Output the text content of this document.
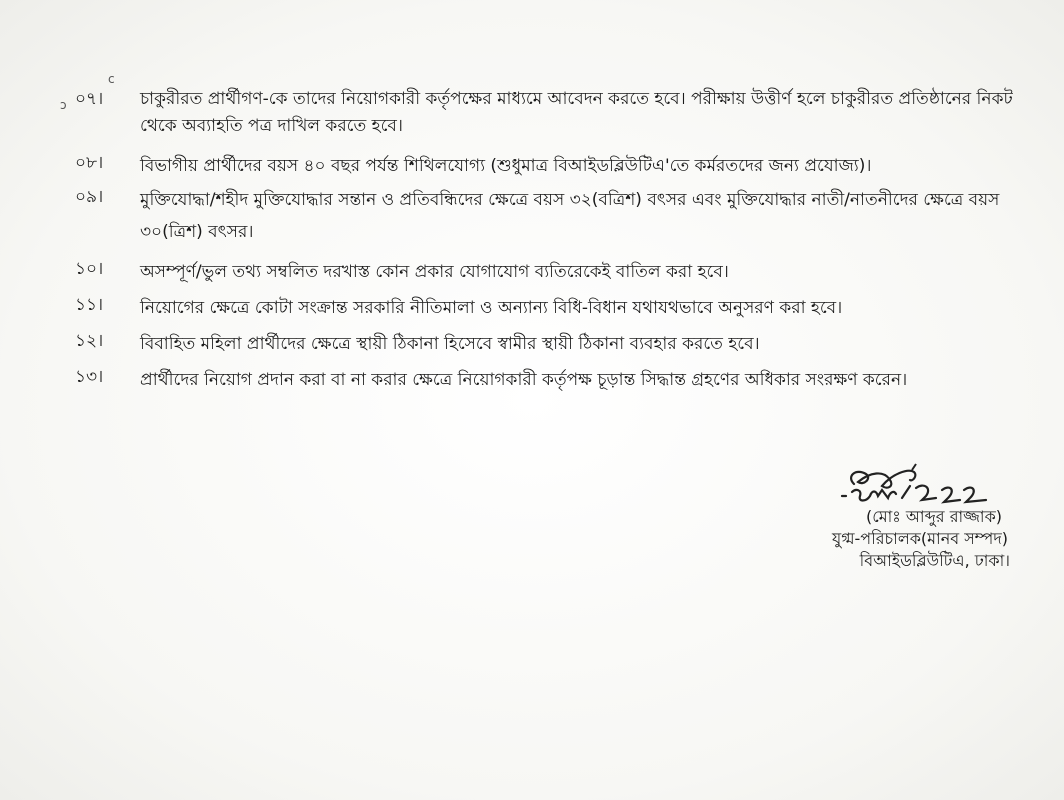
c
ɔ ০৭।	চাকুরীরত প্রার্থীগণ-কে তাদের নিয়োগকারী কর্তৃপক্ষের মাধ্যমে আবেদন করতে হবে। পরীক্ষায় উত্তীর্ণ হলে চাকুরীরত প্রতিষ্ঠানের নিকট থেকে অব্যাহতি পত্র দাখিল করতে হবে।
০৮।	বিভাগীয় প্রার্থীদের বয়স ৪০ বছর পর্যন্ত শিথিলযোগ্য (শুধুমাত্র বিআইডব্লিউটিএ'তে কর্মরতদের জন্য প্রযোজ্য)।
০৯।	মুক্তিযোদ্ধা/শহীদ মুক্তিযোদ্ধার সন্তান ও প্রতিবন্ধিদের ক্ষেত্রে বয়স ৩২(বত্রিশ) বৎসর এবং মুক্তিযোদ্ধার নাতী/নাতনীদের ক্ষেত্রে বয়স ৩০(ত্রিশ) বৎসর।
১০।	অসম্পূর্ণ/ভুল তথ্য সম্বলিত দরখাস্ত কোন প্রকার যোগাযোগ ব্যতিরেকেই বাতিল করা হবে।
১১।	নিয়োগের ক্ষেত্রে কোটা সংক্রান্ত সরকারি নীতিমালা ও অন্যান্য বিধি-বিধান যথাযথভাবে অনুসরণ করা হবে।
১২।	বিবাহিত মহিলা প্রার্থীদের ক্ষেত্রে স্থায়ী ঠিকানা হিসেবে স্বামীর স্থায়ী ঠিকানা ব্যবহার করতে হবে।
১৩।	প্রার্থীদের নিয়োগ প্রদান করা বা না করার ক্ষেত্রে নিয়োগকারী কর্তৃপক্ষ চূড়ান্ত সিদ্ধান্ত গ্রহণের অধিকার সংরক্ষণ করেন।
(মোঃ আব্দুর রাজ্জাক)
যুগ্ম-পরিচালক(মানব সম্পদ)
বিআইডব্লিউটিএ, ঢাকা।
